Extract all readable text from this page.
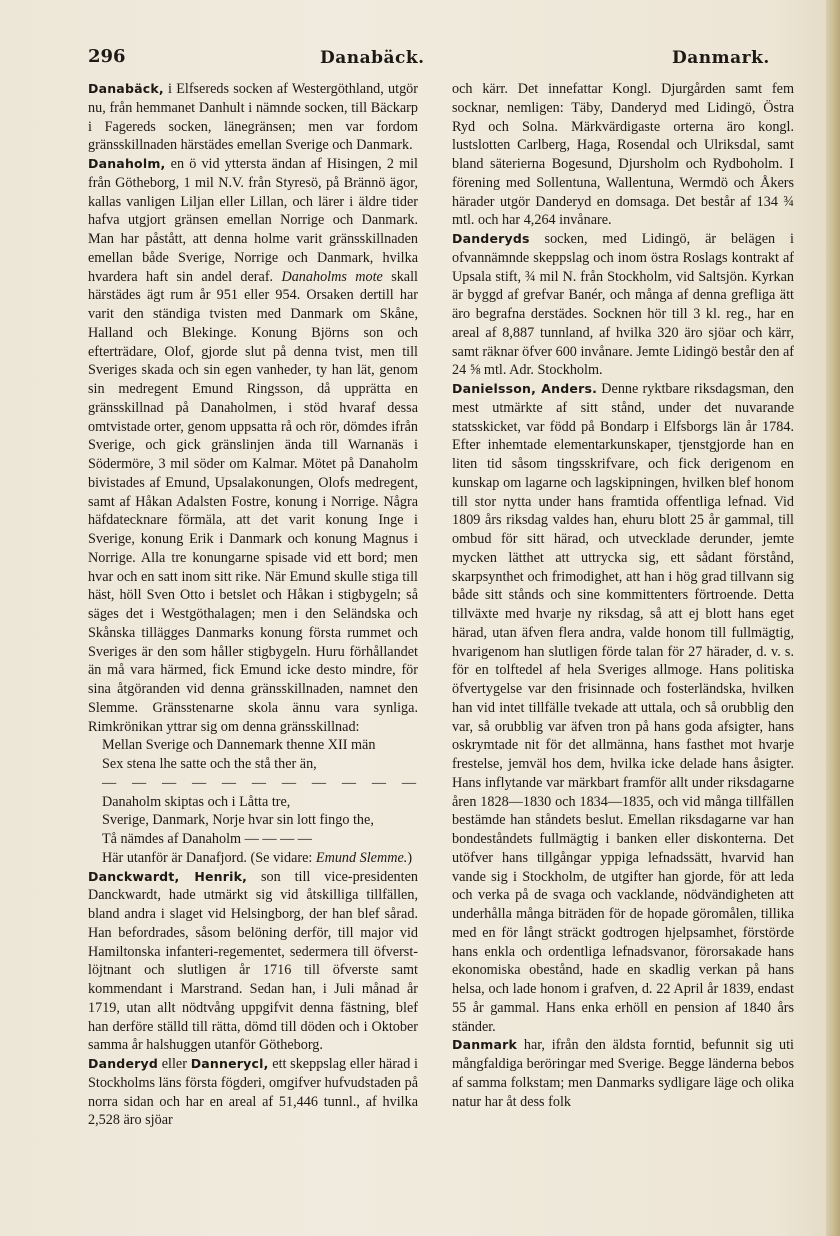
296	Danabäck.	Danmark.

Danabäck, i Elfsereds socken af Westergöthland, utgör nu, från hemmanet Danhult i nämnde socken, till Bäckarp i Fagereds socken, länegränsen; men var fordom gränsskillnaden härstädes emellan Sverige och Danmark.

Danaholm, en ö vid yttersta ändan af Hisingen, 2 mil från Götheborg, 1 mil N.V. från Styresö, på Brännö ägor, kallas vanligen Liljan eller Lillan, och lärer i äldre tider hafva utgjort gränsen emellan Norrige och Danmark. Man har påstått, att denna holme varit gränsskillnaden emellan både Sverige, Norrige och Danmark, hvilka hvardera haft sin andel deraf. Danaholms mote skall härstädes ägt rum år 951 eller 954. Orsaken dertill har varit den ständiga tvisten med Danmark om Skåne, Halland och Blekinge. Konung Björns son och efterträdare, Olof, gjorde slut på denna tvist, men till Sveriges skada och sin egen vanheder, ty han lät, genom sin medregent Emund Ringsson, då upprätta en gränsskillnad på Danaholmen, i stöd hvaraf dessa omtvistade orter, genom uppsatta rå och rör, dömdes ifrån Sverige, och gick gränslinjen ända till Warnanäs i Södermöre, 3 mil söder om Kalmar. Mötet på Danaholm bivistades af Emund, Upsalakonungen, Olofs medregent, samt af Håkan Adalsten Fostre, konung i Norrige. Några häfdatecknare förmäla, att det varit konung Inge i Sverige, konung Erik i Danmark och konung Magnus i Norrige. Alla tre konungarne spisade vid ett bord; men hvar och en satt inom sitt rike. När Emund skulle stiga till häst, höll Sven Otto i betslet och Håkan i stigbygeln; så säges det i Westgöthalagen; men i den Seländska och Skånska tillägges Danmarks konung första rummet och Sveriges är den som håller stigbygeln. Huru förhållandet än må vara härmed, fick Emund icke desto mindre, för sina åtgöranden vid denna gränsskillnaden, namnet den Slemme. Gränsstenarne skola ännu vara synliga. Rimkrönikan yttrar sig om denna gränsskillnad:

Mellan Sverige och Dannemark thenne XII män

Sex stena lhe satte och the stå ther än,

— — — — — — — — — — —

Danaholm skiptas och i Låtta tre,

Sverige, Danmark, Norje hvar sin lott fingo the,

Tå nämdes af Danaholm — — — —

Här utanför är Danafjord. (Se vidare: Emund Slemme.)

Danckwardt, Henrik, son till vice-presidenten Danckwardt, hade utmärkt sig vid åtskilliga tillfällen, bland andra i slaget vid Helsingborg, der han blef sårad. Han befordrades, såsom belöning derför, till major vid Hamiltonska infanteri-regementet, sedermera till öfverst-löjtnant och slutligen år 1716 till öfverste samt kommendant i Marstrand. Sedan han, i Juli månad år 1719, utan allt nödtvång uppgifvit denna fästning, blef han derföre ställd till rätta, dömd till döden och i Oktober samma år halshuggen utanför Götheborg.

Danderyd eller Dannerycl, ett skeppslag eller härad i Stockholms läns första fögderi, omgifver hufvudstaden på norra sidan och har en areal af 51,446 tunnl., af hvilka 2,528 äro sjöar

och kärr. Det innefattar Kongl. Djurgården samt fem socknar, nemligen: Täby, Danderyd med Lidingö, Östra Ryd och Solna. Märkvärdigaste orterna äro kongl. lustslotten Carlberg, Haga, Rosendal och Ulriksdal, samt bland säterierna Bogesund, Djursholm och Rydboholm. I förening med Sollentuna, Wallentuna, Wermdö och Åkers härader utgör Danderyd en domsaga. Det består af 134 ¾ mtl. och har 4,264 invånare.

Danderyds socken, med Lidingö, är belägen i ofvannämnde skeppslag och inom östra Roslags kontrakt af Upsala stift, ¾ mil N. från Stockholm, vid Saltsjön. Kyrkan är byggd af grefvar Banér, och många af denna grefliga ätt äro begrafna derstädes. Socknen hör till 3 kl. reg., har en areal af 8,887 tunnland, af hvilka 320 äro sjöar och kärr, samt räknar öfver 600 invånare. Jemte Lidingö består den af 24 ⅝ mtl. Adr. Stockholm.

Danielsson, Anders. Denne ryktbare riksdagsman, den mest utmärkte af sitt stånd, under det nuvarande statsskicket, var född på Bondarp i Elfsborgs län år 1784. Efter inhemtade elementarkunskaper, tjenstgjorde han en liten tid såsom tingsskrifvare, och fick derigenom en kunskap om lagarne och lagskipningen, hvilken blef honom till stor nytta under hans framtida offentliga lefnad. Vid 1809 års riksdag valdes han, ehuru blott 25 år gammal, till ombud för sitt härad, och utvecklade derunder, jemte mycken lätthet att uttrycka sig, ett sådant förstånd, skarpsynthet och frimodighet, att han i hög grad tillvann sig både sitt stånds och sine kommittenters förtroende. Detta tillväxte med hvarje ny riksdag, så att ej blott hans eget härad, utan äfven flera andra, valde honom till fullmägtig, hvarigenom han slutligen förde talan för 27 härader, d. v. s. för en tolftedel af hela Sveriges allmoge. Hans politiska öfvertygelse var den frisinnade och fosterländska, hvilken han vid intet tillfälle tvekade att uttala, och så orubblig den var, så orubblig var äfven tron på hans goda afsigter, hans oskrymtade nit för det allmänna, hans fasthet mot hvarje frestelse, jemväl hos dem, hvilka icke delade hans åsigter. Hans inflytande var märkbart framför allt under riksdagarne åren 1828—1830 och 1834—1835, och vid många tillfällen bestämde han ståndets beslut. Emellan riksdagarne var han bondeståndets fullmägtig i banken eller diskonterna. Det utöfver hans tillgångar yppiga lefnadssätt, hvarvid han vande sig i Stockholm, de utgifter han gjorde, för att leda och verka på de svaga och vacklande, nödvändigheten att underhålla många biträden för de hopade göromålen, tillika med en för långt sträckt godtrogen hjelpsamhet, förstörde hans enkla och ordentliga lefnadsvanor, förorsakade hans ekonomiska obestånd, hade en skadlig verkan på hans helsa, och lade honom i grafven, d. 22 April år 1839, endast 55 år gammal. Hans enka erhöll en pension af 1840 års ständer.

Danmark har, ifrån den äldsta forntid, befunnit sig uti mångfaldiga beröringar med Sverige. Begge länderna bebos af samma folkstam; men Danmarks sydligare läge och olika natur har åt dess folk
